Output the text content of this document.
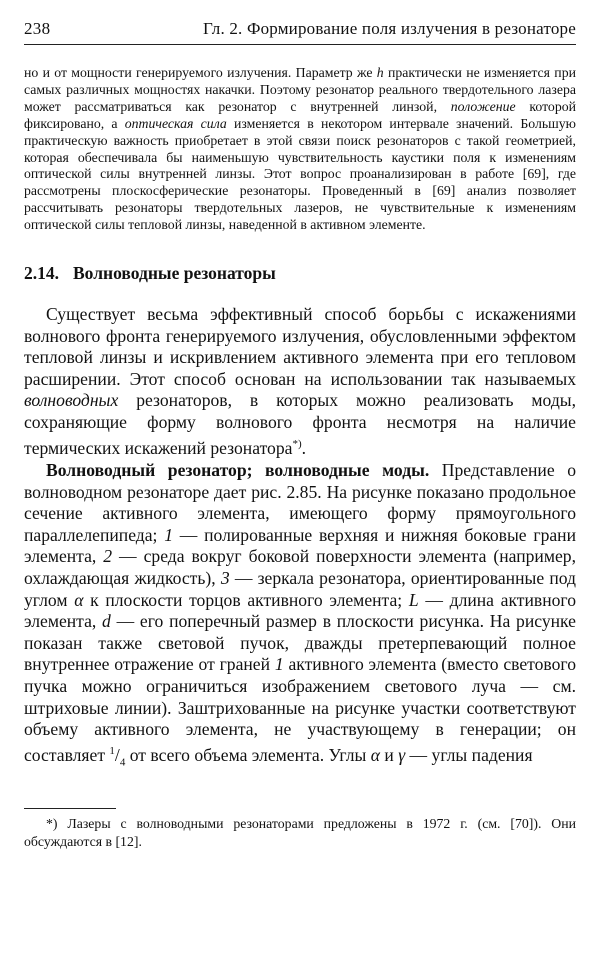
238	Гл. 2. Формирование поля излучения в резонаторе

но и от мощности генерируемого излучения. Параметр же h практически не изменяется при самых различных мощностях накачки. Поэтому резонатор реального твердотельного лазера может рассматриваться как резонатор с внутренней линзой, положение которой фиксировано, а оптическая сила изменяется в некотором интервале значений. Большую практическую важность приобретает в этой связи поиск резонаторов с такой геометрией, которая обеспечивала бы наименьшую чувствительность каустики поля к изменениям оптической силы внутренней линзы. Этот вопрос проанализирован в работе [69], где рассмотрены плоскосферические резонаторы. Проведенный в [69] анализ позволяет рассчитывать резонаторы твердотельных лазеров, не чувствительные к изменениям оптической силы тепловой линзы, наведенной в активном элементе.

2.14. Волноводные резонаторы

Существует весьма эффективный способ борьбы с искажениями волнового фронта генерируемого излучения, обусловленными эффектом тепловой линзы и искривлением активного элемента при его тепловом расширении. Этот способ основан на использовании так называемых волноводных резонаторов, в которых можно реализовать моды, сохраняющие форму волнового фронта несмотря на наличие термических искажений резонатора*).

Волноводный резонатор; волноводные моды. Представление о волноводном резонаторе дает рис. 2.85. На рисунке показано продольное сечение активного элемента, имеющего форму прямоугольного параллелепипеда; 1 — полированные верхняя и нижняя боковые грани элемента, 2 — среда вокруг боковой поверхности элемента (например, охлаждающая жидкость), 3 — зеркала резонатора, ориентированные под углом α к плоскости торцов активного элемента; L — длина активного элемента, d — его поперечный размер в плоскости рисунка. На рисунке показан также световой пучок, дважды претерпевающий полное внутреннее отражение от граней 1 активного элемента (вместо светового пучка можно ограничиться изображением светового луча — см. штриховые линии). Заштрихованные на рисунке участки соответствуют объему активного элемента, не участвующему в генерации; он составляет $^1/_4$ от всего объема элемента. Углы α и γ — углы падения

*) Лазеры с волноводными резонаторами предложены в 1972 г. (см. [70]). Они обсуждаются в [12].
